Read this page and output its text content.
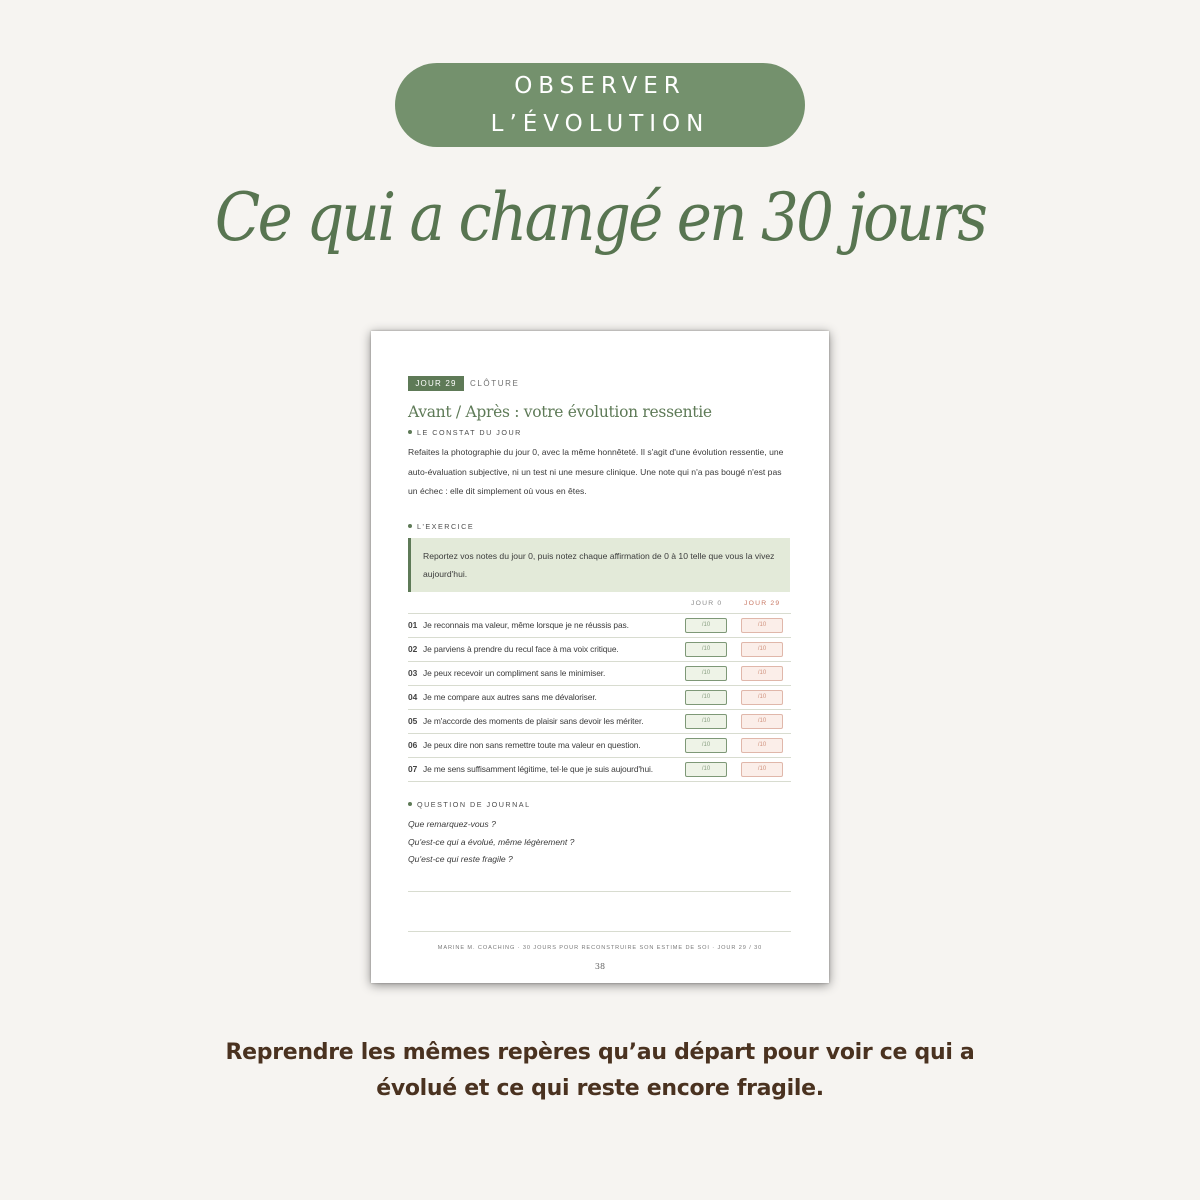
OBSERVER
L’ÉVOLUTION
Ce qui a changé en 30 jours
JOUR 29	CLÔTURE
Avant / Après : votre évolution ressentie
LE CONSTAT DU JOUR
Refaites la photographie du jour 0, avec la même honnêteté. Il s'agit d'une évolution ressentie, une auto-évaluation subjective, ni un test ni une mesure clinique. Une note qui n'a pas bougé n'est pas un échec : elle dit simplement où vous en êtes.
L'EXERCICE
Reportez vos notes du jour 0, puis notez chaque affirmation de 0 à 10 telle que vous la vivez aujourd'hui.
JOUR 0	JOUR 29
01 Je reconnais ma valeur, même lorsque je ne réussis pas.	/10	/10
02 Je parviens à prendre du recul face à ma voix critique.	/10	/10
03 Je peux recevoir un compliment sans le minimiser.	/10	/10
04 Je me compare aux autres sans me dévaloriser.	/10	/10
05 Je m'accorde des moments de plaisir sans devoir les mériter.	/10	/10
06 Je peux dire non sans remettre toute ma valeur en question.	/10	/10
07 Je me sens suffisamment légitime, tel·le que je suis aujourd'hui.	/10	/10
QUESTION DE JOURNAL
Que remarquez-vous ?
Qu'est-ce qui a évolué, même légèrement ?
Qu'est-ce qui reste fragile ?
MARINE M. COACHING · 30 JOURS POUR RECONSTRUIRE SON ESTIME DE SOI · JOUR 29 / 30
38
Reprendre les mêmes repères qu’au départ pour voir ce qui a
évolué et ce qui reste encore fragile.
